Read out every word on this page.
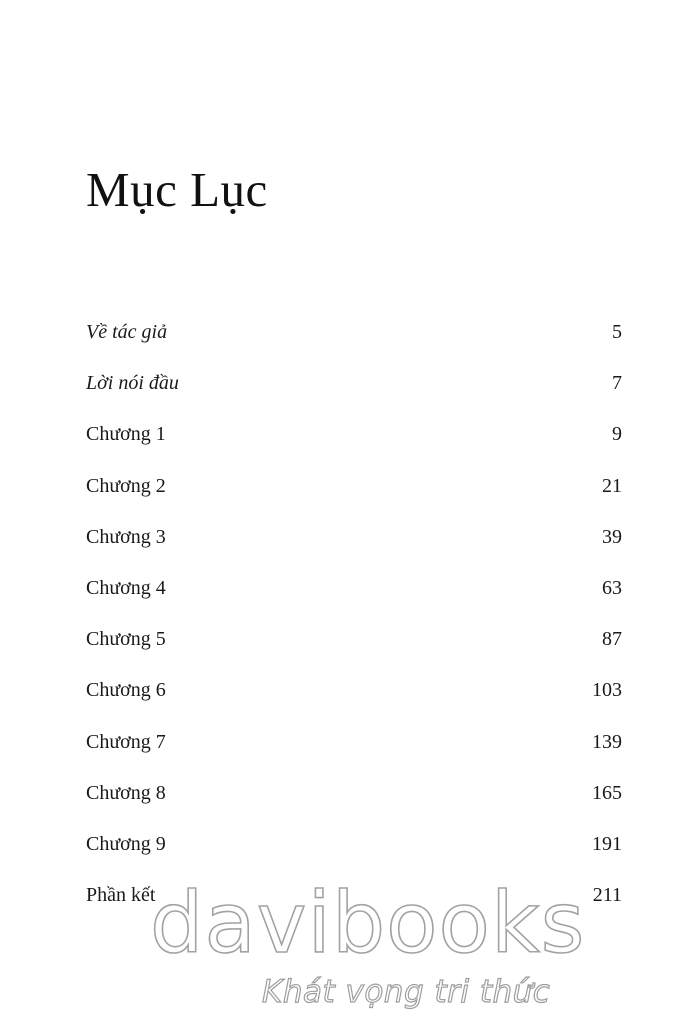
Mục Lục
Về tác giả	5
Lời nói đầu	7
Chương 1	9
Chương 2	21
Chương 3	39
Chương 4	63
Chương 5	87
Chương 6	103
Chương 7	139
Chương 8	165
Chương 9	191
Phần kết	211
davibooks
Khát vọng tri thức
